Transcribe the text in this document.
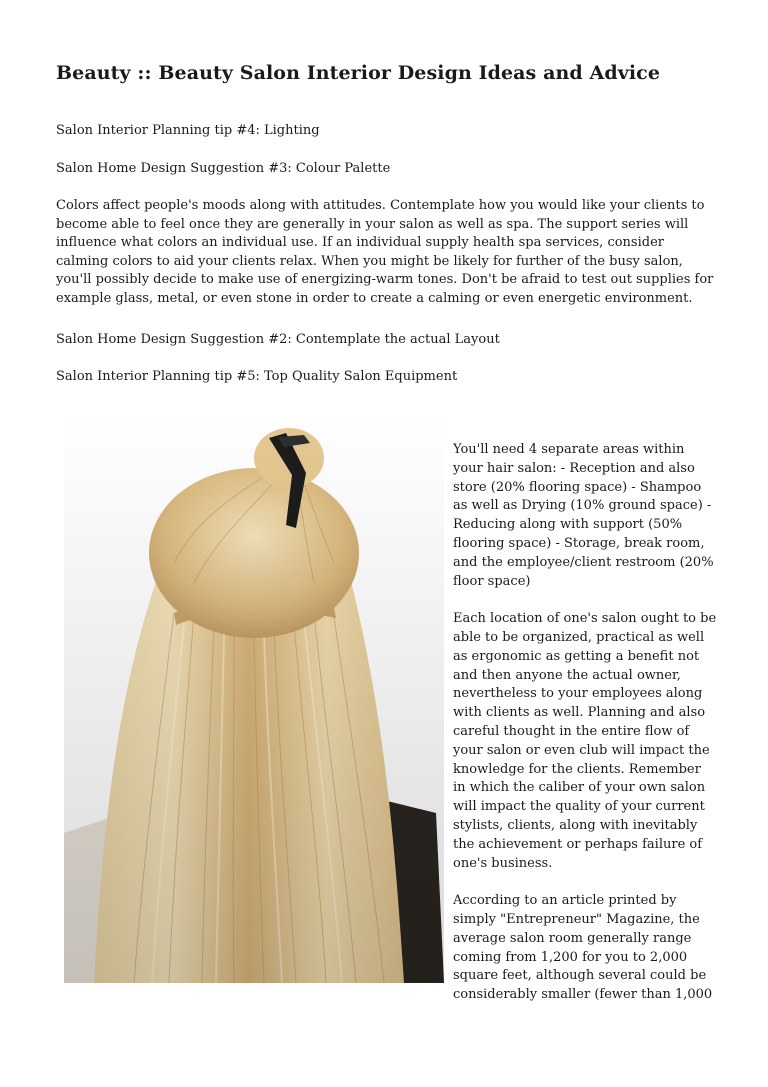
Beauty :: Beauty Salon Interior Design Ideas and Advice

Salon Interior Planning tip #4: Lighting

Salon Home Design Suggestion #3: Colour Palette

Colors affect people's moods along with attitudes. Contemplate how you would like your clients to become able to feel once they are generally in your salon as well as spa. The support series will influence what colors an individual use. If an individual supply health spa services, consider calming colors to aid your clients relax. When you might be likely for further of the busy salon, you'll possibly decide to make use of energizing-warm tones. Don't be afraid to test out supplies for example glass, metal, or even stone in order to create a calming or even energetic environment.

Salon Home Design Suggestion #2: Contemplate the actual Layout

Salon Interior Planning tip #5: Top Quality Salon Equipment

You'll need 4 separate areas within your hair salon: - Reception and also store (20% flooring space) - Shampoo as well as Drying (10% ground space) - Reducing along with support (50% flooring space) - Storage, break room, and the employee/client restroom (20% floor space)

Each location of one's salon ought to be able to be organized, practical as well as ergonomic as getting a benefit not and then anyone the actual owner, nevertheless to your employees along with clients as well. Planning and also careful thought in the entire flow of your salon or even club will impact the knowledge for the clients. Remember in which the caliber of your own salon will impact the quality of your current stylists, clients, along with inevitably the achievement or perhaps failure of one's business.

According to an article printed by simply "Entrepreneur" Magazine, the average salon room generally range coming from 1,200 for you to 2,000 square feet, although several could be considerably smaller (fewer than 1,000
